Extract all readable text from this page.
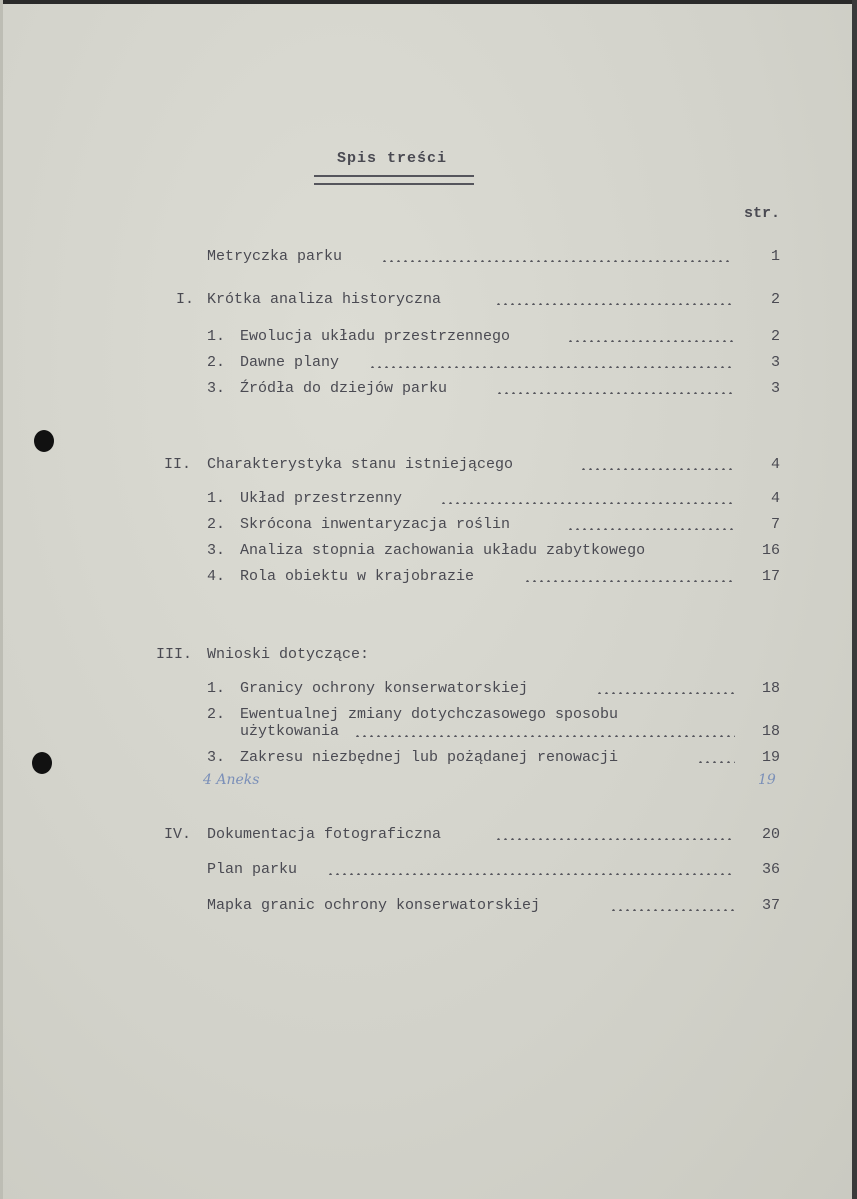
Spis treści
str.
Metryczka parku	1
I. Krótka analiza historyczna	2
1. Ewolucja układu przestrzennego	2
2. Dawne plany	3
3. Źródła do dziejów parku	3
II. Charakterystyka stanu istniejącego	4
1. Układ przestrzenny	4
2. Skrócona inwentaryzacja roślin	7
3. Analiza stopnia zachowania układu zabytkowego	16
4. Rola obiektu w krajobrazie	17
III. Wnioski dotyczące:
1. Granicy ochrony konserwatorskiej	18
2. Ewentualnej zmiany dotychczasowego sposobu
użytkowania	18
3. Zakresu niezbędnej lub pożądanej renowacji	19
4 Aneks	19
IV. Dokumentacja fotograficzna	20
Plan parku	36
Mapka granic ochrony konserwatorskiej	37
